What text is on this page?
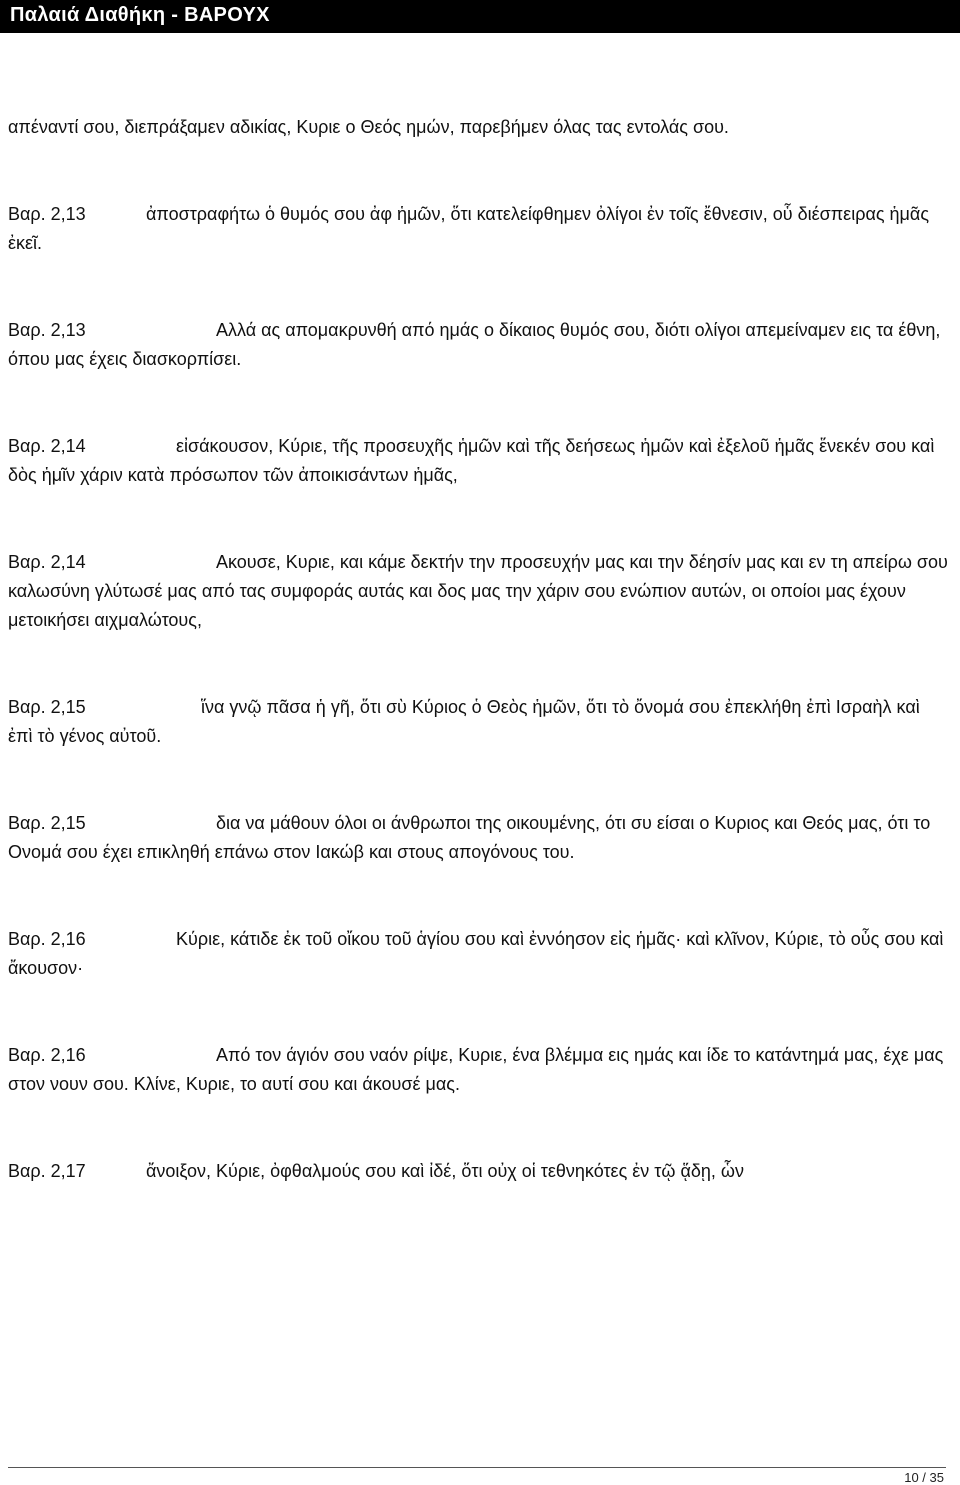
Παλαιά Διαθήκη - ΒΑΡΟΥΧ

απέναντί σου, διεπράξαμεν αδικίας, Κυριε ο Θεός ημών, παρεβήμεν όλας τας εντολάς σου.

Βαρ. 2,13	ἀποστραφήτω ὁ θυμός σου ἀφ ἡμῶν, ὅτι κατελείφθημεν ὀλίγοι ἐν τοῖς ἔθνεσιν, οὗ διέσπειρας ἡμᾶς ἐκεῖ.

Βαρ. 2,13	Αλλά ας απομακρυνθή από ημάς ο δίκαιος θυμός σου, διότι ολίγοι απεμείναμεν εις τα έθνη, όπου μας έχεις διασκορπίσει.

Βαρ. 2,14	εἰσάκουσον, Κύριε, τῆς προσευχῆς ἡμῶν καὶ τῆς δεήσεως ἡμῶν καὶ ἐξελοῦ ἡμᾶς ἕνεκέν σου καὶ δὸς ἡμῖν χάριν κατὰ πρόσωπον τῶν ἀποικισάντων ἡμᾶς,

Βαρ. 2,14	Ακουσε, Κυριε, και κάμε δεκτήν την προσευχήν μας και την δέησίν μας και εν τη απείρω σου καλωσύνη γλύτωσέ μας από τας συμφοράς αυτάς και δος μας την χάριν σου ενώπιον αυτών, οι οποίοι μας έχουν μετοικήσει αιχμαλώτους,

Βαρ. 2,15	ἵνα γνῷ πᾶσα ἡ γῆ, ὅτι σὺ Κύριος ὁ Θεὸς ἡμῶν, ὅτι τὸ ὄνομά σου ἐπεκλήθη ἐπὶ Ισραὴλ καὶ ἐπὶ τὸ γένος αὐτοῦ.

Βαρ. 2,15	δια να μάθουν όλοι οι άνθρωποι της οικουμένης, ότι συ είσαι ο Κυριος και Θεός μας, ότι το Ονομά σου έχει επικληθή επάνω στον Ιακώβ και στους απογόνους του.

Βαρ. 2,16	Κύριε, κάτιδε ἐκ τοῦ οἴκου τοῦ ἁγίου σου καὶ ἐννόησον εἰς ἡμᾶς· καὶ κλῖνον, Κύριε, τὸ οὖς σου καὶ ἄκουσον·

Βαρ. 2,16	Από τον άγιόν σου ναόν ρίψε, Κυριε, ένα βλέμμα εις ημάς και ίδε το κατάντημά μας, έχε μας στον νουν σου. Κλίνε, Κυριε, το αυτί σου και άκουσέ μας.

Βαρ. 2,17	ἄνοιξον, Κύριε, ὀφθαλμούς σου καὶ ἰδέ, ὅτι οὐχ οἱ τεθνηκότες ἐν τῷ ᾅδῃ, ὧν

10 / 35
